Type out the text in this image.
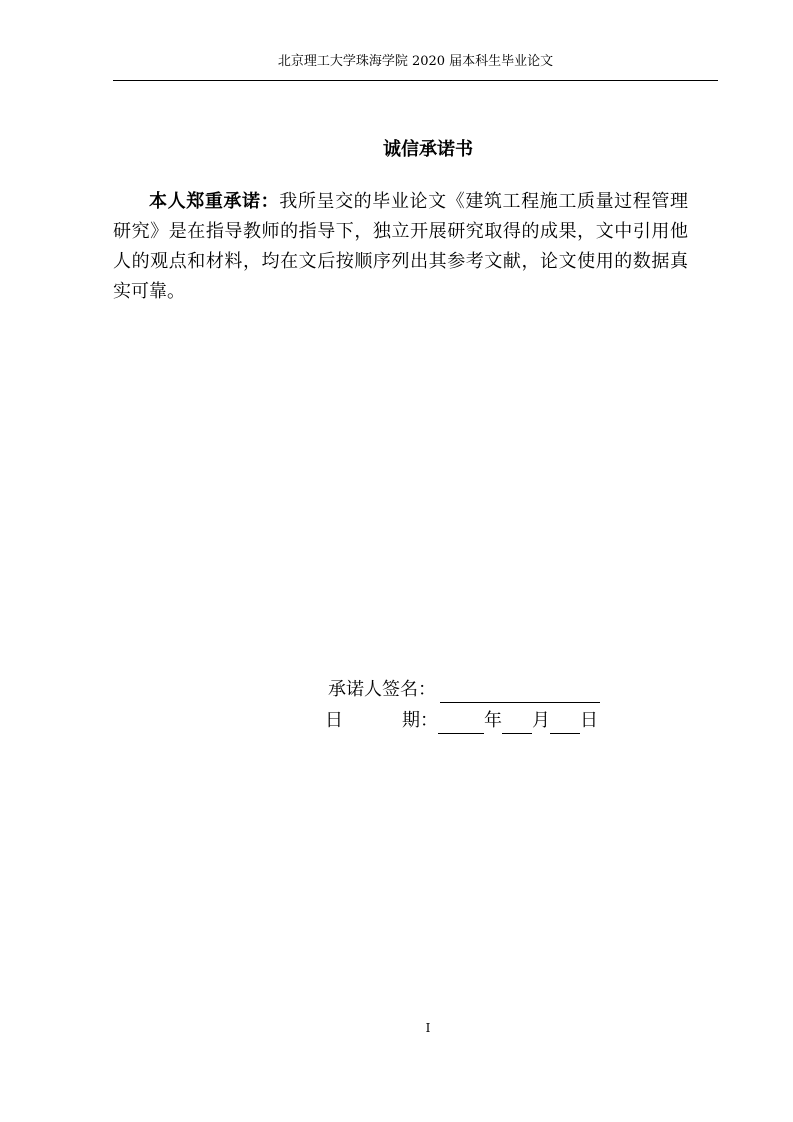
北京理工大学珠海学院 2020 届本科生毕业论文
诚信承诺书

本人郑重承诺：我所呈交的毕业论文《建筑工程施工质量过程管理研究》是在指导教师的指导下，独立开展研究取得的成果，文中引用他人的观点和材料，均在文后按顺序列出其参考文献，论文使用的数据真实可靠。

承诺人签名：
日	期：	年 月 日
I
